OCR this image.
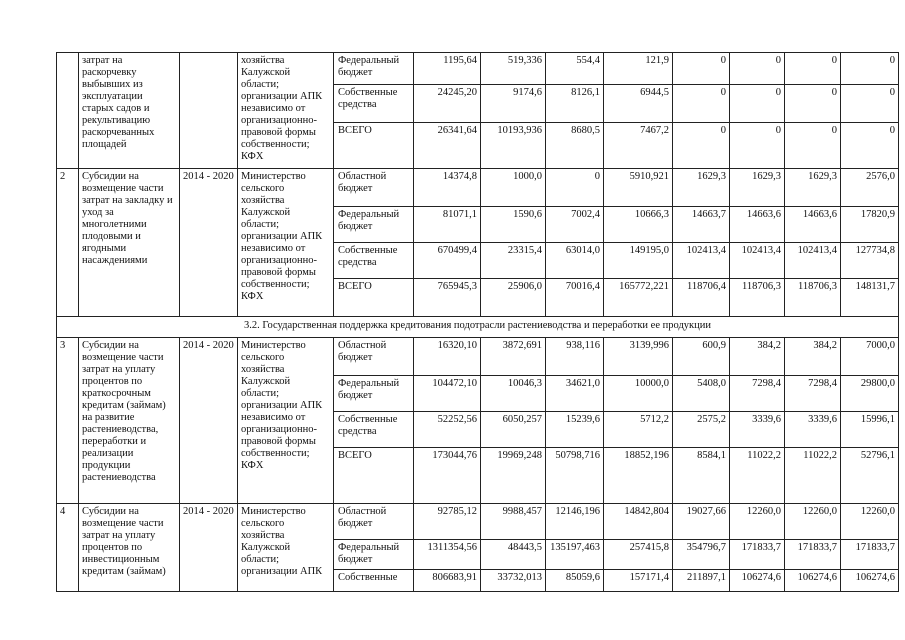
	затрат на раскорчевку выбывших из эксплуатации старых садов и рекультивацию раскорчеванных площадей		хозяйства Калужской области; организации АПК независимо от организационно-правовой формы собственности; КФХ	Федеральный бюджет	1195,64	519,336	554,4	121,9	0	0	0	0
				Собственные средства	24245,20	9174,6	8126,1	6944,5	0	0	0	0
				ВСЕГО	26341,64	10193,936	8680,5	7467,2	0	0	0	0
2	Субсидии на возмещение части затрат на закладку и уход за многолетними плодовыми и ягодными насаждениями	2014 - 2020	Министерство сельского хозяйства Калужской области; организации АПК независимо от организационно-правовой формы собственности; КФХ	Областной бюджет	14374,8	1000,0	0	5910,921	1629,3	1629,3	1629,3	2576,0
				Федеральный бюджет	81071,1	1590,6	7002,4	10666,3	14663,7	14663,6	14663,6	17820,9
				Собственные средства	670499,4	23315,4	63014,0	149195,0	102413,4	102413,4	102413,4	127734,8
				ВСЕГО	765945,3	25906,0	70016,4	165772,221	118706,4	118706,3	118706,3	148131,7
3.2. Государственная поддержка кредитования подотрасли растениеводства и переработки ее продукции												
3	Субсидии на возмещение части затрат на уплату процентов по краткосрочным кредитам (займам) на развитие растениеводства, переработки и реализации продукции растениеводства	2014 - 2020	Министерство сельского хозяйства Калужской области; организации АПК независимо от организационно-правовой формы собственности; КФХ	Областной бюджет	16320,10	3872,691	938,116	3139,996	600,9	384,2	384,2	7000,0
				Федеральный бюджет	104472,10	10046,3	34621,0	10000,0	5408,0	7298,4	7298,4	29800,0
				Собственные средства	52252,56	6050,257	15239,6	5712,2	2575,2	3339,6	3339,6	15996,1
				ВСЕГО	173044,76	19969,248	50798,716	18852,196	8584,1	11022,2	11022,2	52796,1
4	Субсидии на возмещение части затрат на уплату процентов по инвестиционным кредитам (займам)	2014 - 2020	Министерство сельского хозяйства Калужской области; организации АПК	Областной бюджет	92785,12	9988,457	12146,196	14842,804	19027,66	12260,0	12260,0	12260,0
				Федеральный бюджет	1311354,56	48443,5	135197,463	257415,8	354796,7	171833,7	171833,7	171833,7
				Собственные	806683,91	33732,013	85059,6	157171,4	211897,1	106274,6	106274,6	106274,6
